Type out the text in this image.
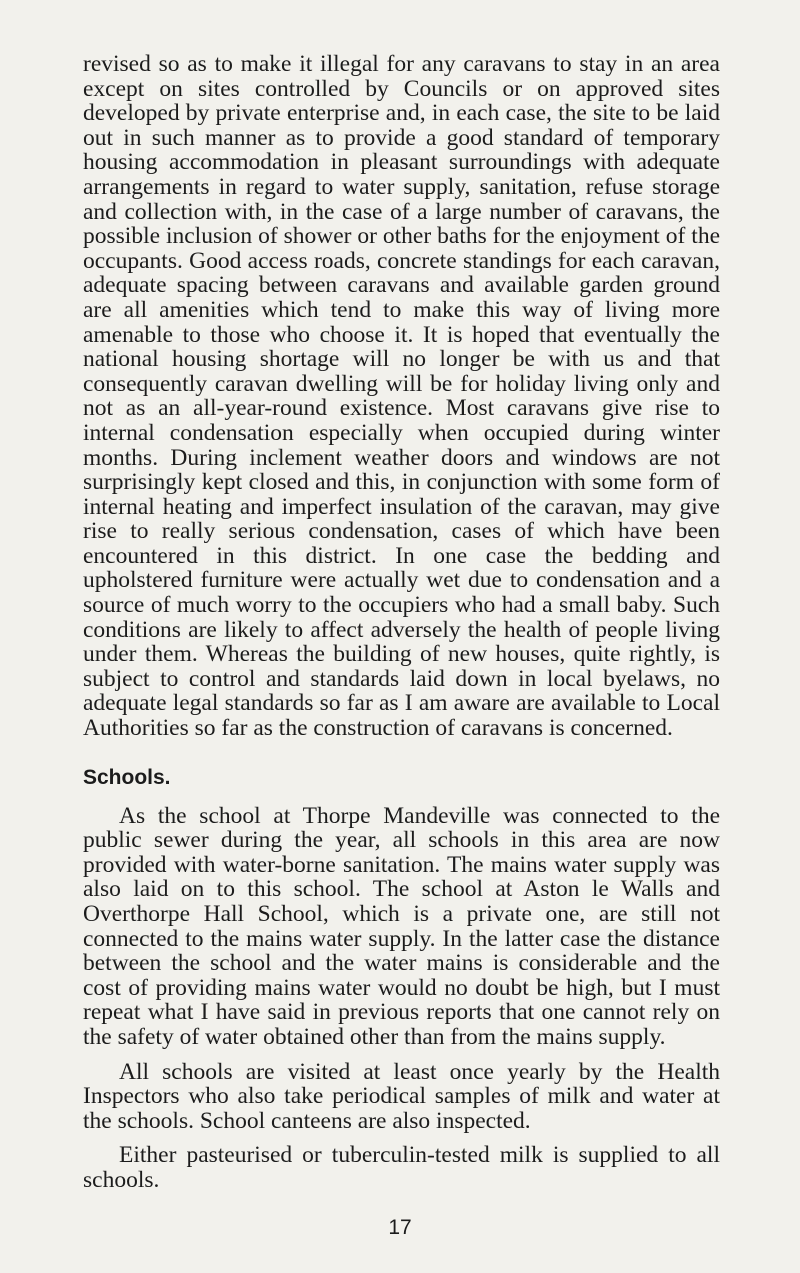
revised so as to make it illegal for any caravans to stay in an area except on sites controlled by Councils or on approved sites developed by private enterprise and, in each case, the site to be laid out in such manner as to provide a good standard of temporary housing accommodation in pleasant surroundings with adequate arrangements in regard to water supply, sanitation, refuse storage and collection with, in the case of a large number of caravans, the possible inclusion of shower or other baths for the enjoyment of the occupants. Good access roads, concrete standings for each caravan, adequate spacing between caravans and available garden ground are all amenities which tend to make this way of living more amenable to those who choose it. It is hoped that eventually the national housing shortage will no longer be with us and that consequently caravan dwelling will be for holiday living only and not as an all-year-round existence. Most caravans give rise to internal condensation especially when occupied during winter months. During inclement weather doors and windows are not surprisingly kept closed and this, in conjunction with some form of internal heating and imperfect insulation of the caravan, may give rise to really serious condensation, cases of which have been encountered in this district. In one case the bedding and upholstered furniture were actually wet due to condensation and a source of much worry to the occupiers who had a small baby. Such conditions are likely to affect adversely the health of people living under them. Whereas the building of new houses, quite rightly, is subject to control and standards laid down in local byelaws, no adequate legal standards so far as I am aware are available to Local Authorities so far as the construction of caravans is concerned.

Schools.

As the school at Thorpe Mandeville was connected to the public sewer during the year, all schools in this area are now provided with water-borne sanitation. The mains water supply was also laid on to this school. The school at Aston le Walls and Overthorpe Hall School, which is a private one, are still not connected to the mains water supply. In the latter case the distance between the school and the water mains is considerable and the cost of providing mains water would no doubt be high, but I must repeat what I have said in previous reports that one cannot rely on the safety of water obtained other than from the mains supply.

All schools are visited at least once yearly by the Health Inspectors who also take periodical samples of milk and water at the schools. School canteens are also inspected.

Either pasteurised or tuberculin-tested milk is supplied to all schools.

17
